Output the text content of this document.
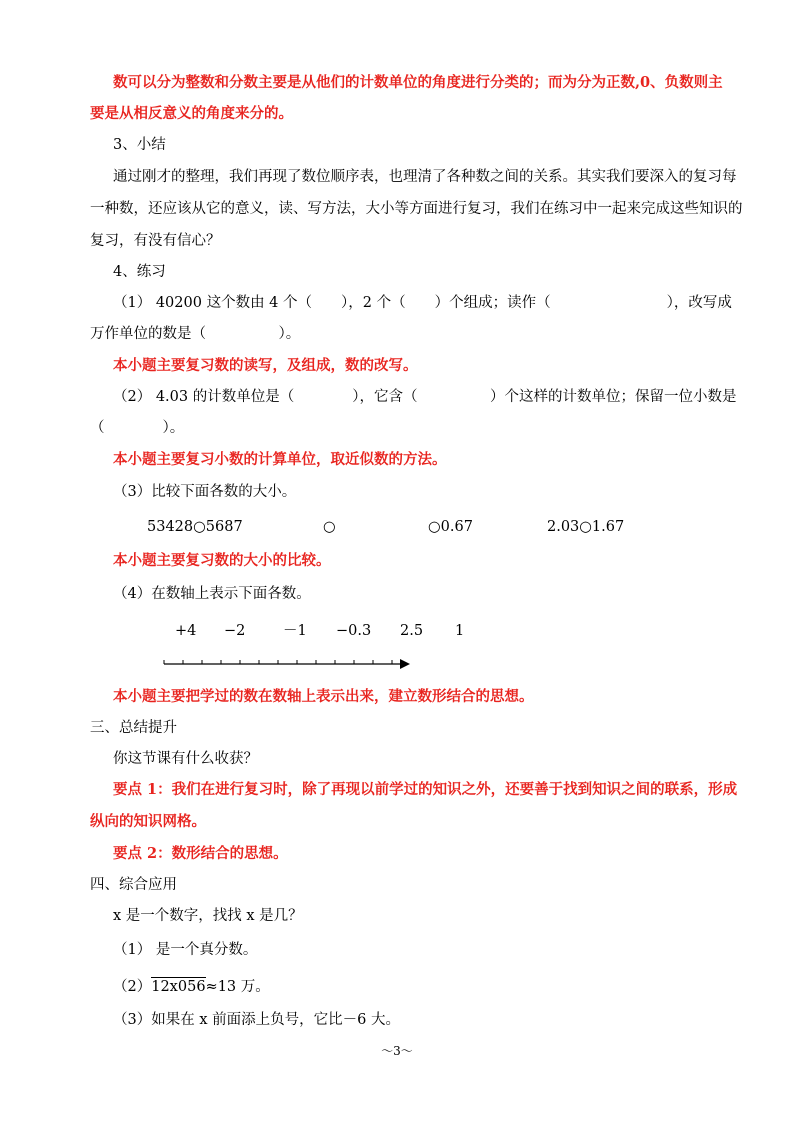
数可以分为整数和分数主要是从他们的计数单位的角度进行分类的；而为分为正数,0、负数则主
要是从相反意义的角度来分的。
3、小结
通过刚才的整理，我们再现了数位顺序表，也理清了各种数之间的关系。其实我们要深入的复习每
一种数，还应该从它的意义，读、写方法，大小等方面进行复习，我们在练习中一起来完成这些知识的
复习，有没有信心？
4、练习
（1） 40200 这个数由 4 个（　　），2 个（　　）个组成；读作（　　　　　　　　），改写成
万作单位的数是（　　　　　）。
本小题主要复习数的读写，及组成，数的改写。
（2） 4.03 的计数单位是（　　　　），它含（　　　　　）个这样的计数单位；保留一位小数是
（　　　　）。
本小题主要复习小数的计算单位，取近似数的方法。
（3）比较下面各数的大小。
53428○5687	○	○0.67	2.03○1.67
本小题主要复习数的大小的比较。
（4）在数轴上表示下面各数。
+4 −2	－1 −0.3 2.5 1
本小题主要把学过的数在数轴上表示出来，建立数形结合的思想。
三、总结提升
你这节课有什么收获？
要点 1：我们在进行复习时，除了再现以前学过的知识之外，还要善于找到知识之间的联系，形成
纵向的知识网格。
要点 2：数形结合的思想。
四、综合应用
x 是一个数字，找找 x 是几？
（1） 是一个真分数。
（2）12x056≈13 万。
（3）如果在 x 前面添上负号，它比－6 大。
～3～
